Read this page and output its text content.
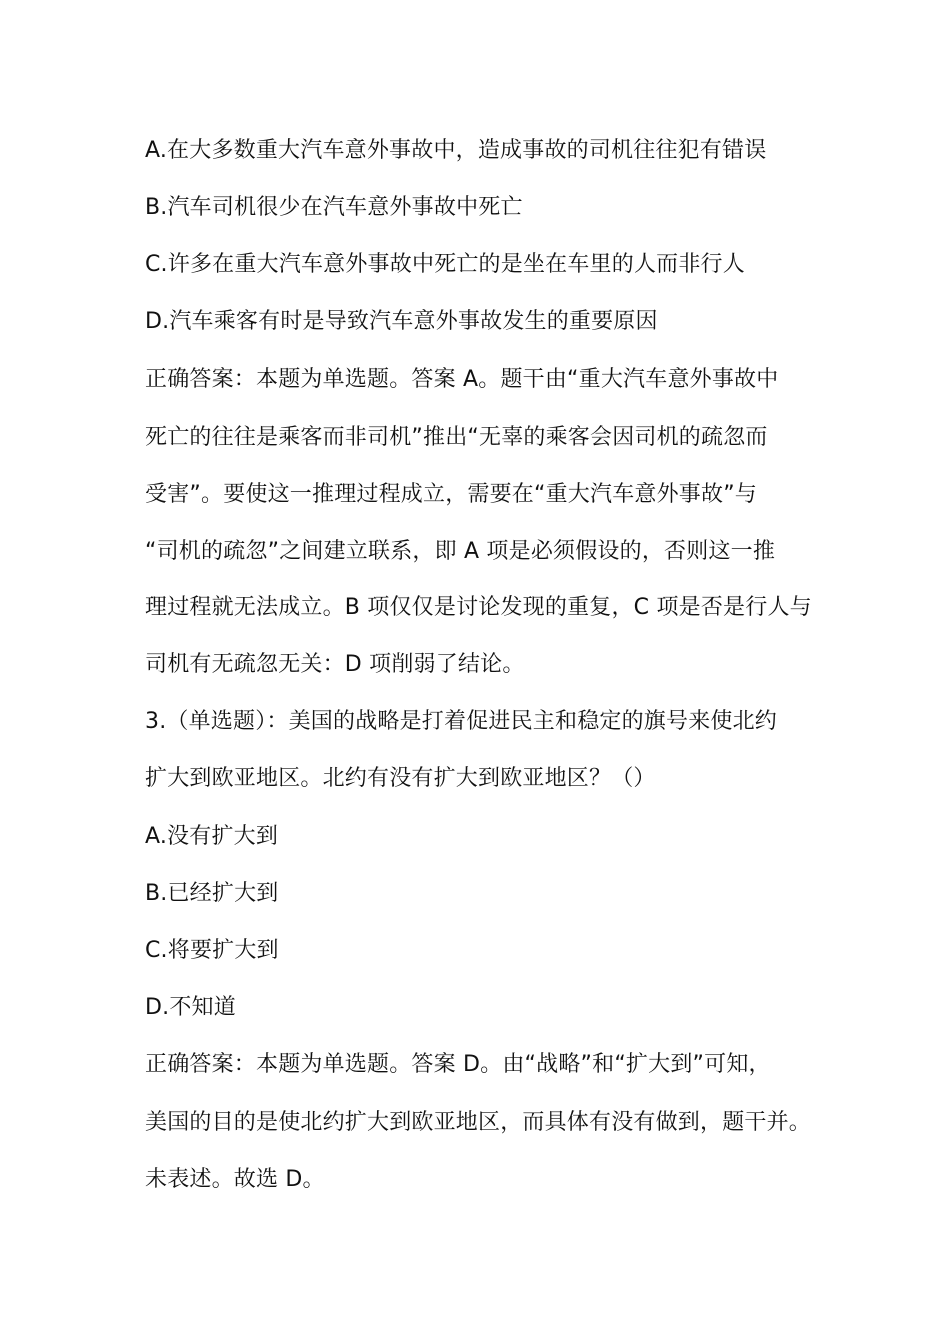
A.在大多数重大汽车意外事故中，造成事故的司机往往犯有错误
B.汽车司机很少在汽车意外事故中死亡
C.许多在重大汽车意外事故中死亡的是坐在车里的人而非行人
D.汽车乘客有时是导致汽车意外事故发生的重要原因
正确答案：本题为单选题。答案 A。题干由“重大汽车意外事故中
死亡的往往是乘客而非司机”推出“无辜的乘客会因司机的疏忽而
受害”。要使这一推理过程成立，需要在“重大汽车意外事故”与
“司机的疏忽”之间建立联系，即 A 项是必须假设的，否则这一推
理过程就无法成立。B 项仅仅是讨论发现的重复，C 项是否是行人与
司机有无疏忽无关：D 项削弱了结论。
3.（单选题）：美国的战略是打着促进民主和稳定的旗号来使北约
扩大到欧亚地区。北约有没有扩大到欧亚地区？（）
A.没有扩大到
B.已经扩大到
C.将要扩大到
D.不知道
正确答案：本题为单选题。答案 D。由“战略”和“扩大到”可知，
美国的目的是使北约扩大到欧亚地区，而具体有没有做到，题干并。
未表述。故选 D。
